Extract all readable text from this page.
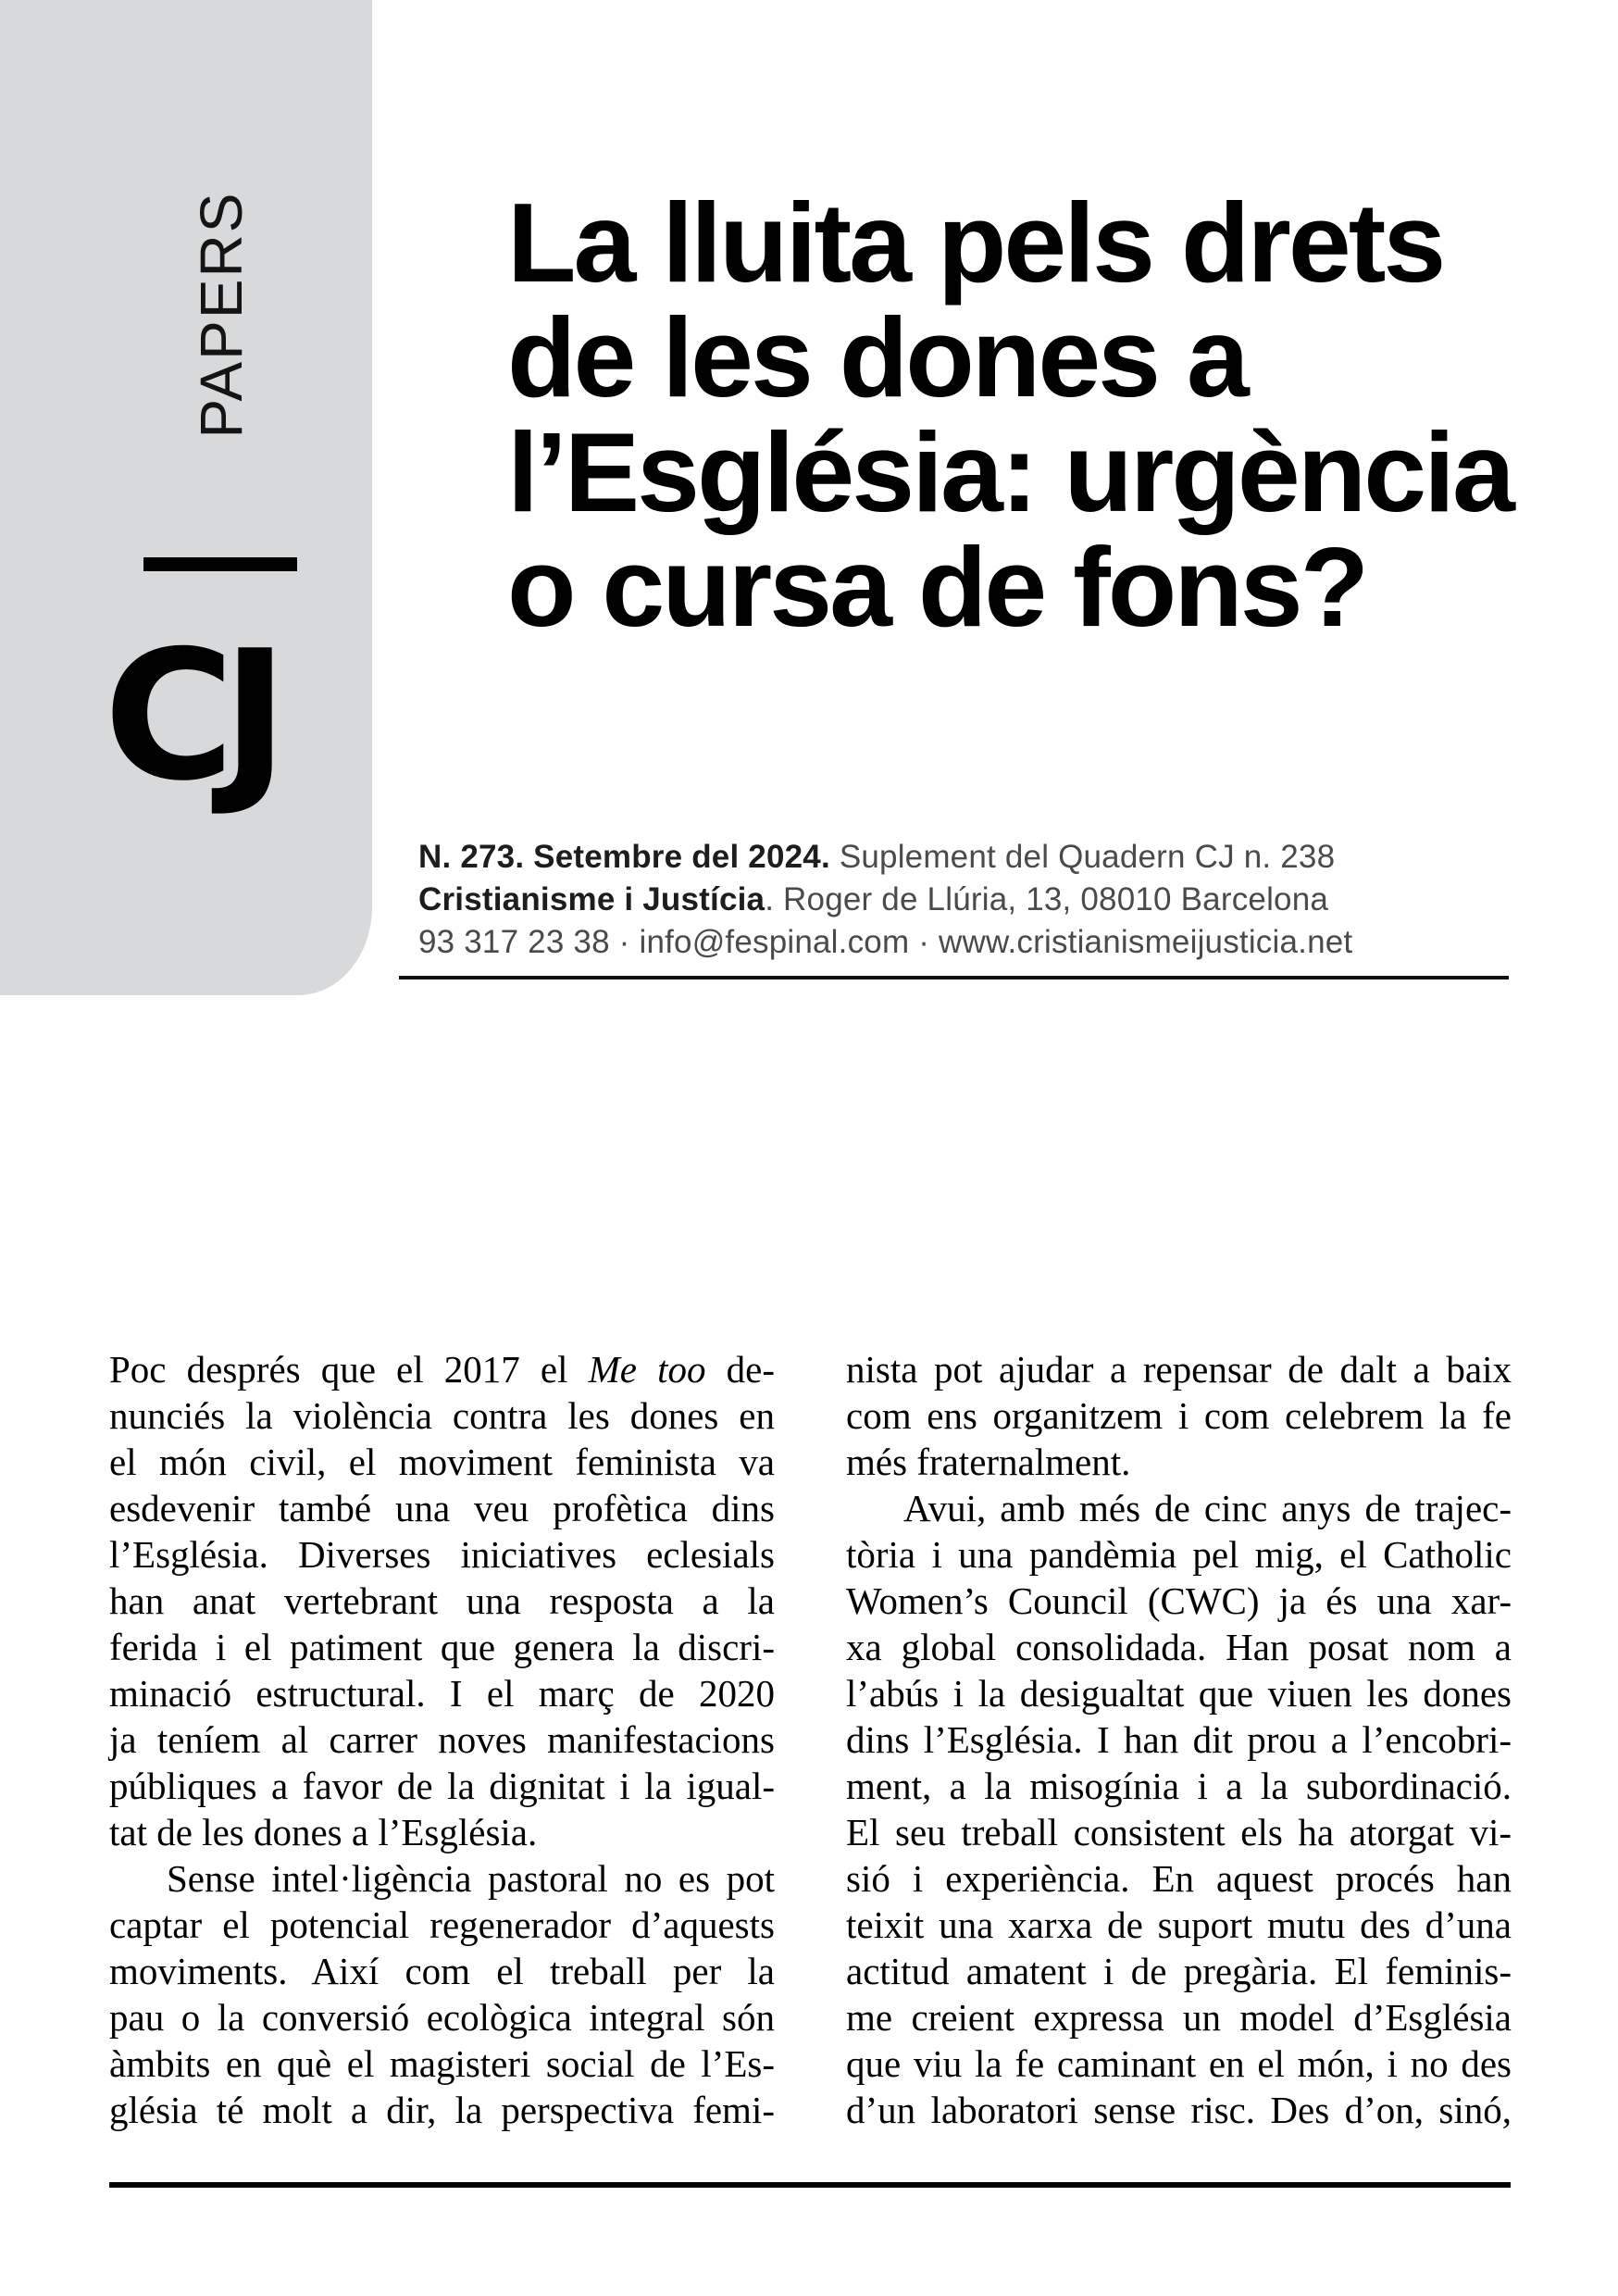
PAPERS
CJ
La lluita pels drets
de les dones a
l’Església: urgència
o cursa de fons?
N. 273. Setembre del 2024. Suplement del Quadern CJ n. 238
Cristianisme i Justícia. Roger de Llúria, 13, 08010 Barcelona
93 317 23 38 · info@fespinal.com · www.cristianismeijusticia.net
Poc després que el 2017 el Me too de-
nunciés la violència contra les dones en
el món civil, el moviment feminista va
esdevenir també una veu profètica dins
l’Església. Diverses iniciatives eclesials
han anat vertebrant una resposta a la
ferida i el patiment que genera la discri-
minació estructural. I el març de 2020
ja teníem al carrer noves manifestacions
públiques a favor de la dignitat i la igual-
tat de les dones a l’Església.
Sense intel·ligència pastoral no es pot
captar el potencial regenerador d’aquests
moviments. Així com el treball per la
pau o la conversió ecològica integral són
àmbits en què el magisteri social de l’Es-
glésia té molt a dir, la perspectiva femi-
nista pot ajudar a repensar de dalt a baix
com ens organitzem i com celebrem la fe
més fraternalment.
Avui, amb més de cinc anys de trajec-
tòria i una pandèmia pel mig, el Catholic
Women’s Council (CWC) ja és una xar-
xa global consolidada. Han posat nom a
l’abús i la desigualtat que viuen les dones
dins l’Església. I han dit prou a l’encobri-
ment, a la misogínia i a la subordinació.
El seu treball consistent els ha atorgat vi-
sió i experiència. En aquest procés han
teixit una xarxa de suport mutu des d’una
actitud amatent i de pregària. El feminis-
me creient expressa un model d’Església
que viu la fe caminant en el món, i no des
d’un laboratori sense risc. Des d’on, sinó,
